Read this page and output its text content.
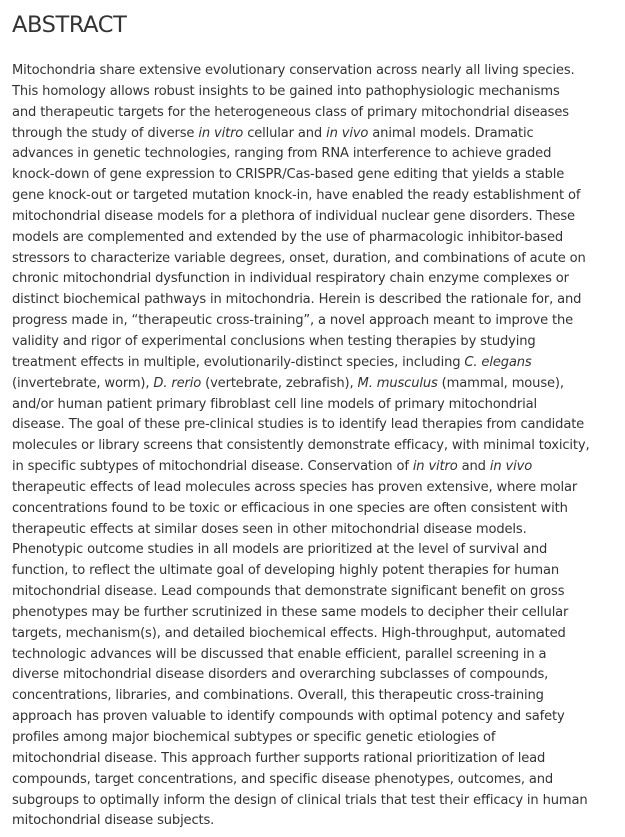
ABSTRACT
Mitochondria share extensive evolutionary conservation across nearly all living species.
This homology allows robust insights to be gained into pathophysiologic mechanisms
and therapeutic targets for the heterogeneous class of primary mitochondrial diseases
through the study of diverse in vitro cellular and in vivo animal models. Dramatic
advances in genetic technologies, ranging from RNA interference to achieve graded
knock-down of gene expression to CRISPR/Cas-based gene editing that yields a stable
gene knock-out or targeted mutation knock-in, have enabled the ready establishment of
mitochondrial disease models for a plethora of individual nuclear gene disorders. These
models are complemented and extended by the use of pharmacologic inhibitor-based
stressors to characterize variable degrees, onset, duration, and combinations of acute on
chronic mitochondrial dysfunction in individual respiratory chain enzyme complexes or
distinct biochemical pathways in mitochondria. Herein is described the rationale for, and
progress made in, “therapeutic cross-training”, a novel approach meant to improve the
validity and rigor of experimental conclusions when testing therapies by studying
treatment effects in multiple, evolutionarily-distinct species, including C. elegans
(invertebrate, worm), D. rerio (vertebrate, zebrafish), M. musculus (mammal, mouse),
and/or human patient primary fibroblast cell line models of primary mitochondrial
disease. The goal of these pre-clinical studies is to identify lead therapies from candidate
molecules or library screens that consistently demonstrate efficacy, with minimal toxicity,
in specific subtypes of mitochondrial disease. Conservation of in vitro and in vivo
therapeutic effects of lead molecules across species has proven extensive, where molar
concentrations found to be toxic or efficacious in one species are often consistent with
therapeutic effects at similar doses seen in other mitochondrial disease models.
Phenotypic outcome studies in all models are prioritized at the level of survival and
function, to reflect the ultimate goal of developing highly potent therapies for human
mitochondrial disease. Lead compounds that demonstrate significant benefit on gross
phenotypes may be further scrutinized in these same models to decipher their cellular
targets, mechanism(s), and detailed biochemical effects. High-throughput, automated
technologic advances will be discussed that enable efficient, parallel screening in a
diverse mitochondrial disease disorders and overarching subclasses of compounds,
concentrations, libraries, and combinations. Overall, this therapeutic cross-training
approach has proven valuable to identify compounds with optimal potency and safety
profiles among major biochemical subtypes or specific genetic etiologies of
mitochondrial disease. This approach further supports rational prioritization of lead
compounds, target concentrations, and specific disease phenotypes, outcomes, and
subgroups to optimally inform the design of clinical trials that test their efficacy in human
mitochondrial disease subjects.
